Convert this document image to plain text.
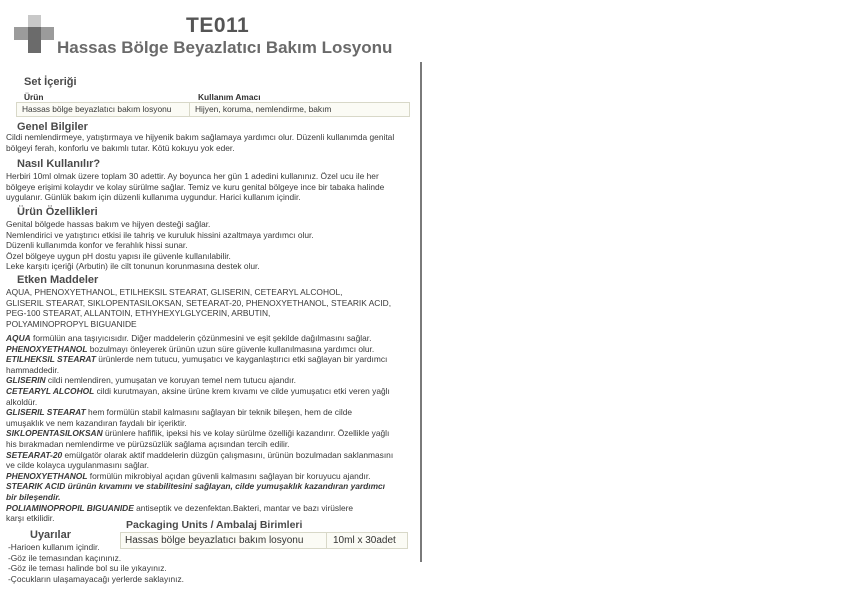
TE011
Hassas Bölge Beyazlatıcı Bakım Losyonu
Set İçeriği
Ürün	Kullanım Amacı
Hassas bölge beyazlatıcı bakım losyonu	Hijyen, koruma, nemlendirme, bakım
Genel Bilgiler
Cildi nemlendirmeye, yatıştırmaya ve hijyenik bakım sağlamaya yardımcı olur. Düzenli kullanımda genital
bölgeyi ferah, konforlu ve bakımlı tutar. Kötü kokuyu yok eder.
Nasıl Kullanılır?
Herbiri 10ml olmak üzere toplam 30 adettir. Ay boyunca her gün 1 adedini kullanınız. Özel ucu ile her
bölgeye erişimi kolaydır ve kolay sürülme sağlar. Temiz ve kuru genital bölgeye ince bir tabaka halinde
uygulanır. Günlük bakım için düzenli kullanıma uygundur. Harici kullanım içindir.
Ürün Özellikleri
Genital bölgede hassas bakım ve hijyen desteği sağlar.
Nemlendirici ve yatıştırıcı etkisi ile tahriş ve kuruluk hissini azaltmaya yardımcı olur.
Düzenli kullanımda konfor ve ferahlık hissi sunar.
Özel bölgeye uygun pH dostu yapısı ile güvenle kullanılabilir.
Leke karşıtı içeriği (Arbutin) ile cilt tonunun korunmasına destek olur.
Etken Maddeler
AQUA, PHENOXYETHANOL, ETILHEKSIL STEARAT, GLISERIN, CETEARYL ALCOHOL,
GLISERIL STEARAT, SIKLOPENTASILOKSAN, SETEARAT-20, PHENOXYETHANOL, STEARIK ACID,
PEG-100 STEARAT, ALLANTOIN, ETHYHEXYLGLYCERIN, ARBUTIN,
POLYAMINOPROPYL BIGUANIDE
AQUA formülün ana taşıyıcısıdır. Diğer maddelerin çözünmesini ve eşit şekilde dağılmasını sağlar.
PHENOXYETHANOL bozulmayı önleyerek ürünün uzun süre güvenle kullanılmasına yardımcı olur.
ETILHEKSIL STEARAT ürünlerde nem tutucu, yumuşatıcı ve kayganlaştırıcı etki sağlayan bir yardımcı
hammaddedir.
GLISERIN cildi nemlendiren, yumuşatan ve koruyan temel nem tutucu ajandır.
CETEARYL ALCOHOL cildi kurutmayan, aksine ürüne krem kıvamı ve cilde yumuşatıcı etki veren yağlı
alkoldür.
GLISERIL STEARAT hem formülün stabil kalmasını sağlayan bir teknik bileşen, hem de cilde
umuşaklık ve nem kazandıran faydalı bir içeriktir.
SIKLOPENTASILOKSAN ürünlere hafiflik, ipeksi his ve kolay sürülme özelliği kazandırır. Özellikle yağlı
his bırakmadan nemlendirme ve pürüzsüzlük sağlama açısından tercih edilir.
SETEARAT-20 emülgatör olarak aktif maddelerin düzgün çalışmasını, ürünün bozulmadan saklanmasını
ve cilde kolayca uygulanmasını sağlar.
PHENOXYETHANOL formülün mikrobiyal açıdan güvenli kalmasını sağlayan bir koruyucu ajandır.
STEARIK ACID ürünün kıvamını ve stabilitesini sağlayan, cilde yumuşaklık kazandıran yardımcı
bir bileşendir.
POLIAMINOPROPIL BIGUANIDE antiseptik ve dezenfektan.Bakteri, mantar ve bazı virüslere
karşı etkilidir.
Uyarılar
-Harioen kullanım içindir.
-Göz ile temasından kaçınınız.
-Göz ile teması halinde bol su ile yıkayınız.
-Çocukların ulaşamayacağı yerlerde saklayınız.
Packaging Units / Ambalaj Birimleri
Hassas bölge beyazlatıcı bakım losyonu	10ml x 30adet
